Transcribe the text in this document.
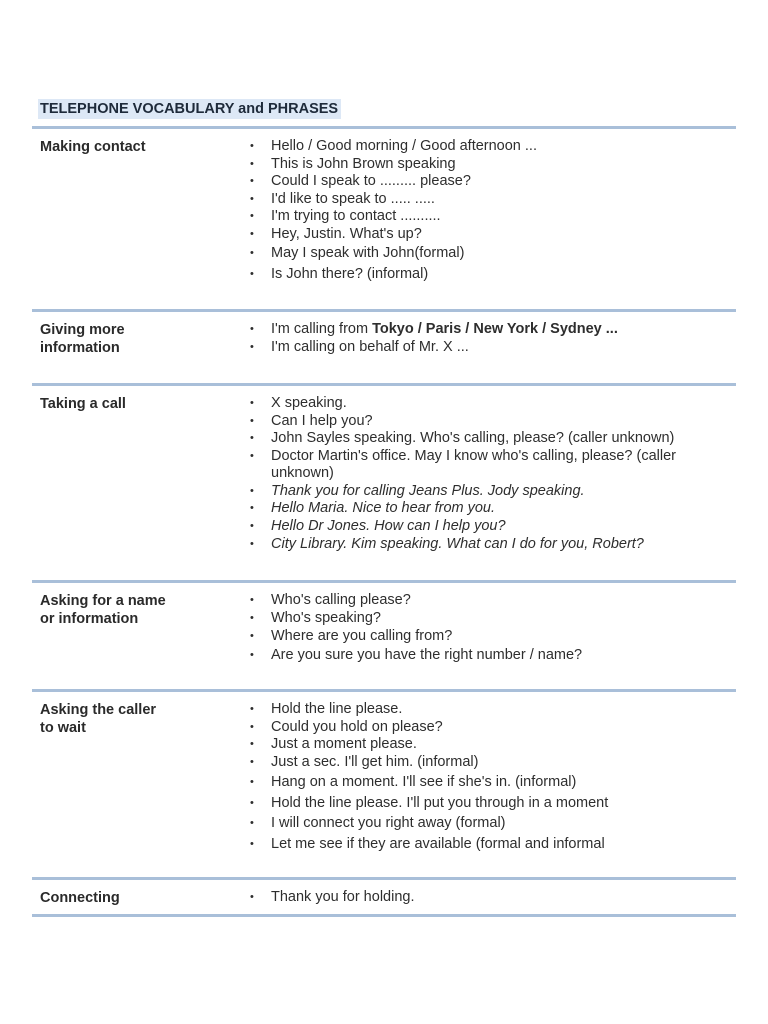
TELEPHONE VOCABULARY and PHRASES
Making contact	• Hello / Good morning / Good afternoon ...
• This is John Brown speaking
• Could I speak to ......... please?
• I'd like to speak to ..... .....
• I'm trying to contact ..........
• Hey, Justin. What's up?
• May I speak with John(formal)
• Is John there? (informal)
Giving more
information
• I'm calling from Tokyo / Paris / New York / Sydney ...
• I'm calling on behalf of Mr. X ...
Taking a call	• X speaking.
• Can I help you?
• John Sayles speaking. Who's calling, please? (caller unknown)
• Doctor Martin's office. May I know who's calling, please? (caller unknown)
• Thank you for calling Jeans Plus. Jody speaking.
• Hello Maria. Nice to hear from you.
• Hello Dr Jones. How can I help you?
• City Library. Kim speaking. What can I do for you, Robert?
Asking for a name
or information
• Who's calling please?
• Who's speaking?
• Where are you calling from?
• Are you sure you have the right number / name?
Asking the caller
to wait
• Hold the line please.
• Could you hold on please?
• Just a moment please.
• Just a sec. I'll get him. (informal)
• Hang on a moment. I'll see if she's in. (informal)
• Hold the line please. I'll put you through in a moment
• I will connect you right away (formal)
• Let me see if they are available (formal and informal
Connecting	• Thank you for holding.
